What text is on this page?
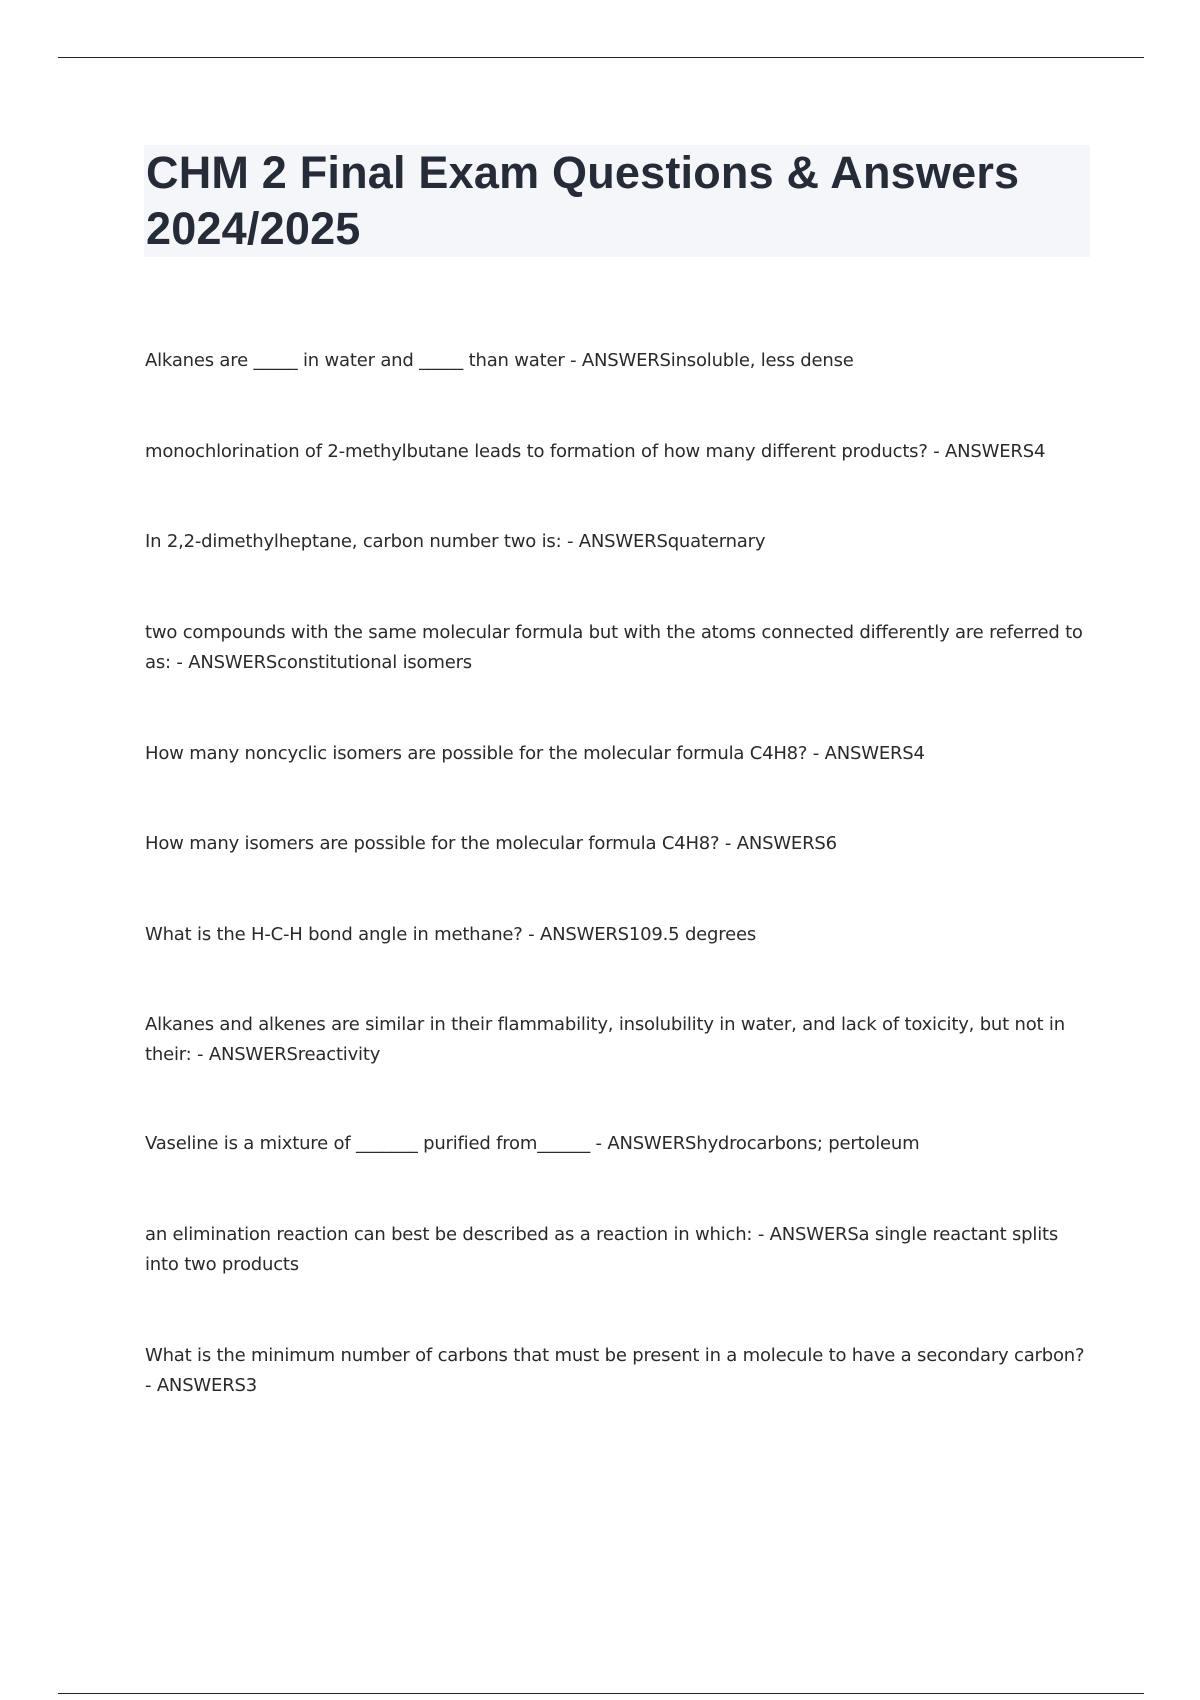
CHM 2 Final Exam Questions & Answers 2024/2025
Alkanes are _____ in water and _____ than water - ANSWERSinsoluble, less dense
monochlorination of 2-methylbutane leads to formation of how many different products? - ANSWERS4
In 2,2-dimethylheptane, carbon number two is: - ANSWERSquaternary
two compounds with the same molecular formula but with the atoms connected differently are referred to as: - ANSWERSconstitutional isomers
How many noncyclic isomers are possible for the molecular formula C4H8? - ANSWERS4
How many isomers are possible for the molecular formula C4H8? - ANSWERS6
What is the H-C-H bond angle in methane? - ANSWERS109.5 degrees
Alkanes and alkenes are similar in their flammability, insolubility in water, and lack of toxicity, but not in their: - ANSWERSreactivity
Vaseline is a mixture of _______ purified from______ - ANSWERShydrocarbons; pertoleum
an elimination reaction can best be described as a reaction in which: - ANSWERSa single reactant splits into two products
What is the minimum number of carbons that must be present in a molecule to have a secondary carbon? - ANSWERS3
